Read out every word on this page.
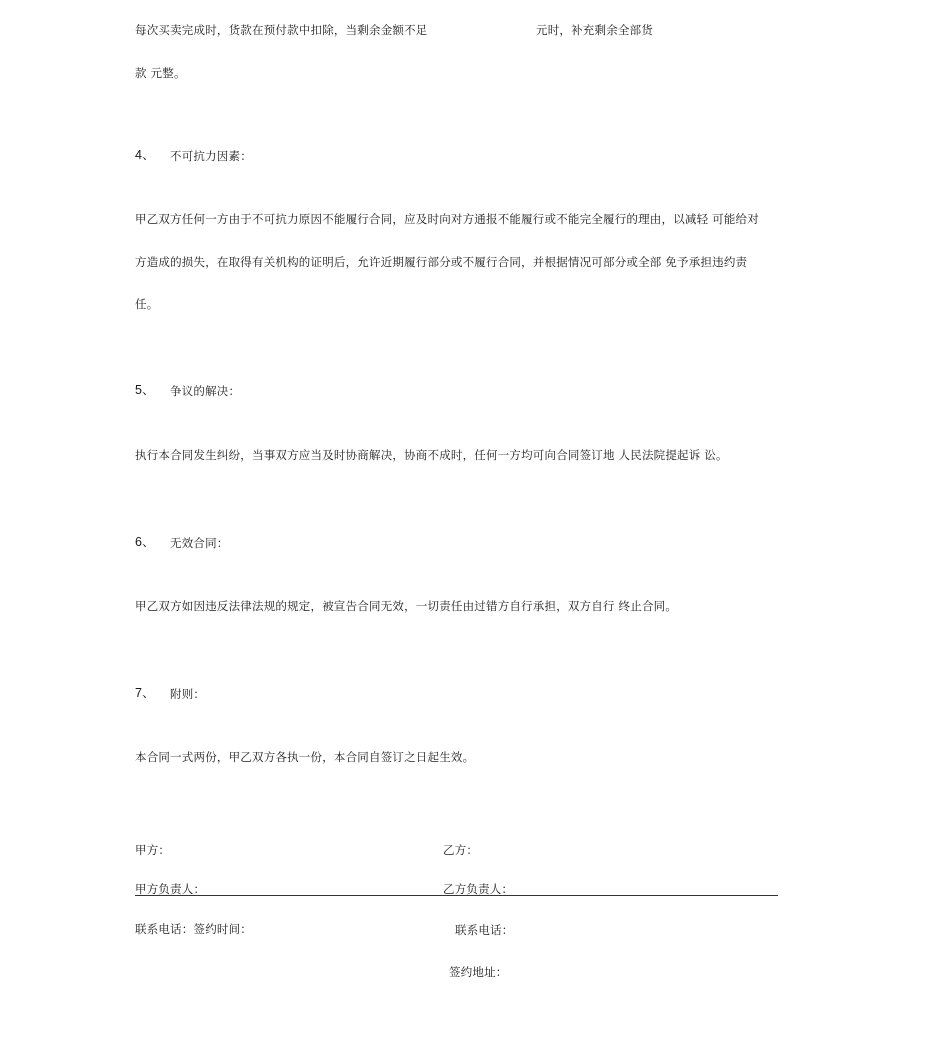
每次买卖完成时，货款在预付款中扣除，当剩余金额不足	元时，补充剩余全部货
款 元整。
4、 不可抗力因素：
甲乙双方任何一方由于不可抗力原因不能履行合同，应及时向对方通报不能履行或不能完全履行的理由，以减轻 可能给对
方造成的损失，在取得有关机构的证明后，允许近期履行部分或不履行合同，并根据情况可部分或全部 免予承担违约责
任。
5、 争议的解决：
执行本合同发生纠纷，当事双方应当及时协商解决，协商不成时，任何一方均可向合同签订地 人民法院提起诉 讼。
6、 无效合同：
甲乙双方如因违反法律法规的规定，被宣告合同无效，一切责任由过错方自行承担，双方自行 终止合同。
7、 附则：
本合同一式两份，甲乙双方各执一份，本合同自签订之日起生效。
甲方：	乙方：
甲方负责人：	乙方负责人：
联系电话：签约时间：	联系电话：
签约地址：
